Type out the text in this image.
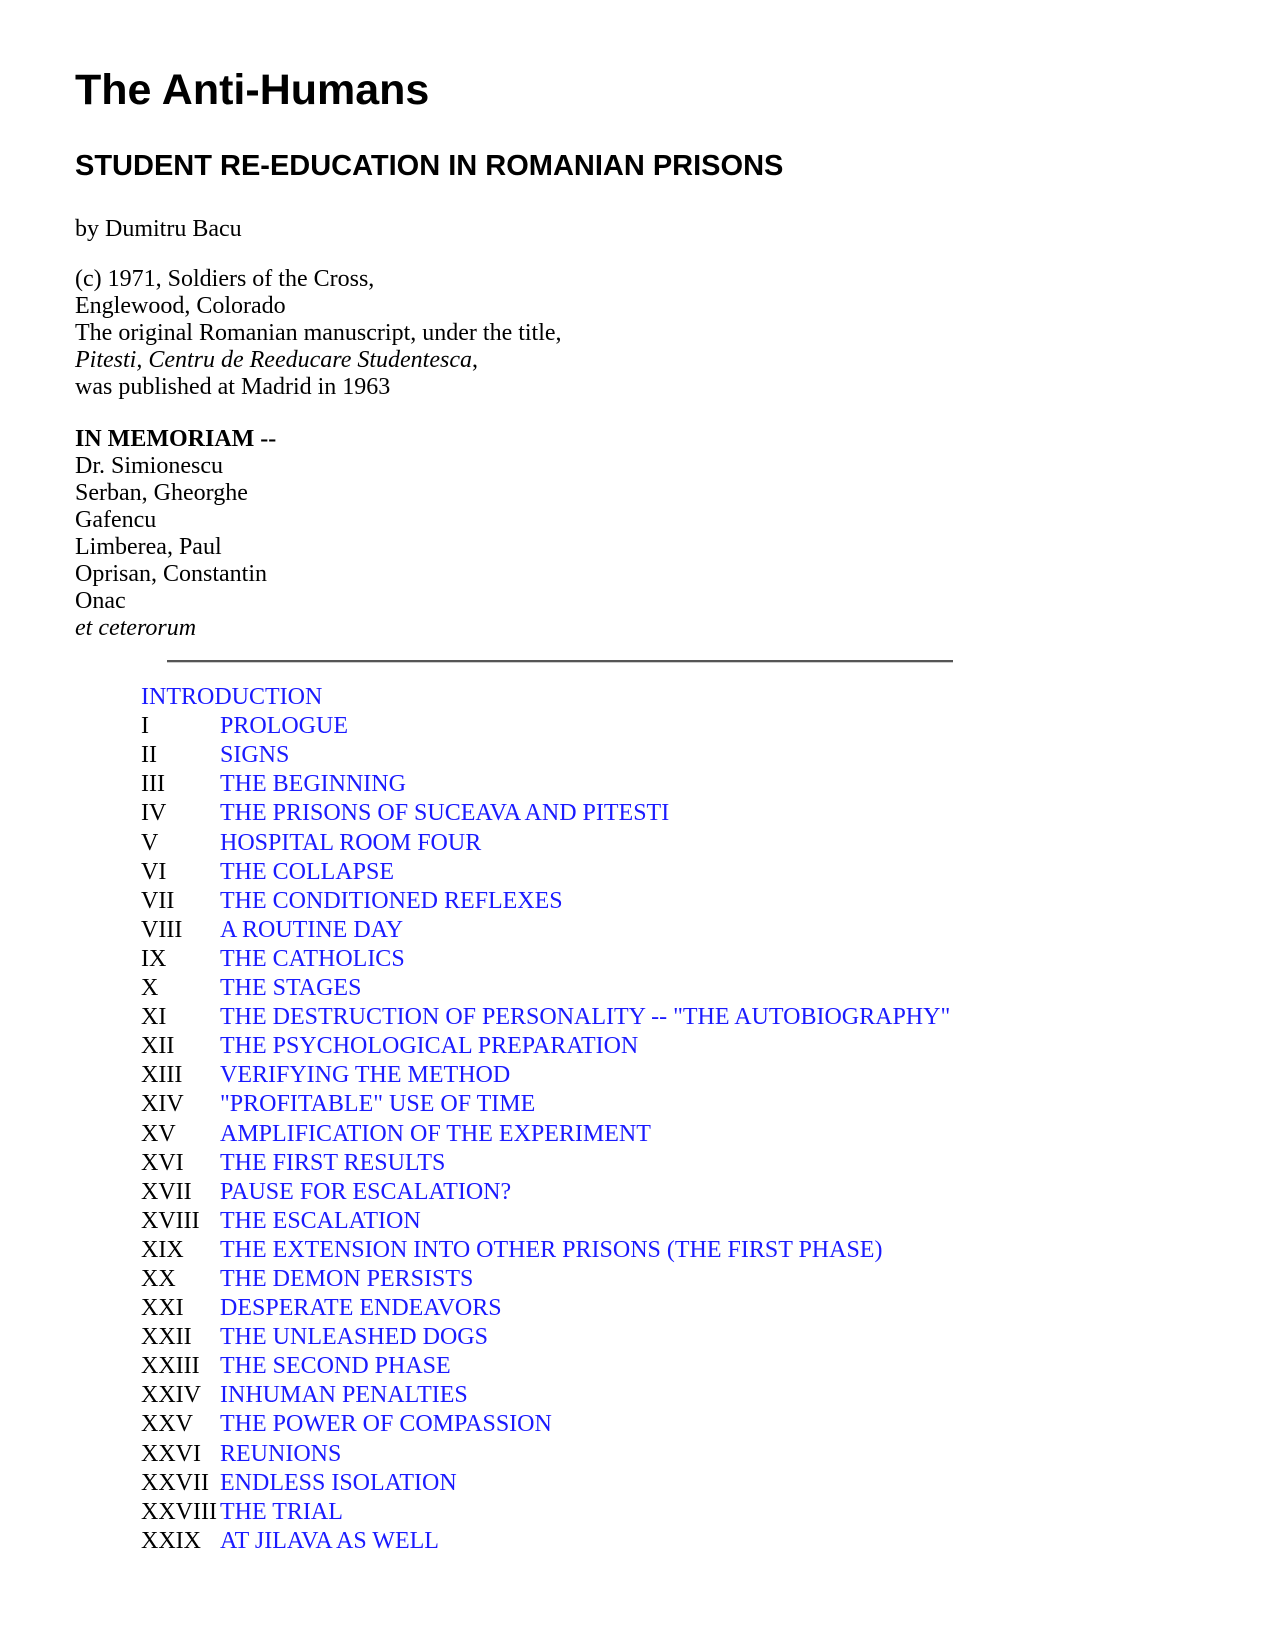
The Anti-Humans
STUDENT RE-EDUCATION IN ROMANIAN PRISONS
by Dumitru Bacu
(c) 1971, Soldiers of the Cross,
Englewood, Colorado
The original Romanian manuscript, under the title,
Pitesti, Centru de Reeducare Studentesca,
was published at Madrid in 1963
IN MEMORIAM --
Dr. Simionescu
Serban, Gheorghe
Gafencu
Limberea, Paul
Oprisan, Constantin
Onac
et ceterorum
INTRODUCTION
I	PROLOGUE
II	SIGNS
III	THE BEGINNING
IV	THE PRISONS OF SUCEAVA AND PITESTI
V	HOSPITAL ROOM FOUR
VI	THE COLLAPSE
VII	THE CONDITIONED REFLEXES
VIII	A ROUTINE DAY
IX	THE CATHOLICS
X	THE STAGES
XI	THE DESTRUCTION OF PERSONALITY -- "THE AUTOBIOGRAPHY"
XII	THE PSYCHOLOGICAL PREPARATION
XIII	VERIFYING THE METHOD
XIV	"PROFITABLE" USE OF TIME
XV	AMPLIFICATION OF THE EXPERIMENT
XVI	THE FIRST RESULTS
XVII	PAUSE FOR ESCALATION?
XVIII THE ESCALATION
XIX	THE EXTENSION INTO OTHER PRISONS (THE FIRST PHASE)
XX	THE DEMON PERSISTS
XXI	DESPERATE ENDEAVORS
XXII	THE UNLEASHED DOGS
XXIII THE SECOND PHASE
XXIV INHUMAN PENALTIES
XXV	THE POWER OF COMPASSION
XXVI REUNIONS
XXVII ENDLESS ISOLATION
XXVIII THE TRIAL
XXIX AT JILAVA AS WELL
